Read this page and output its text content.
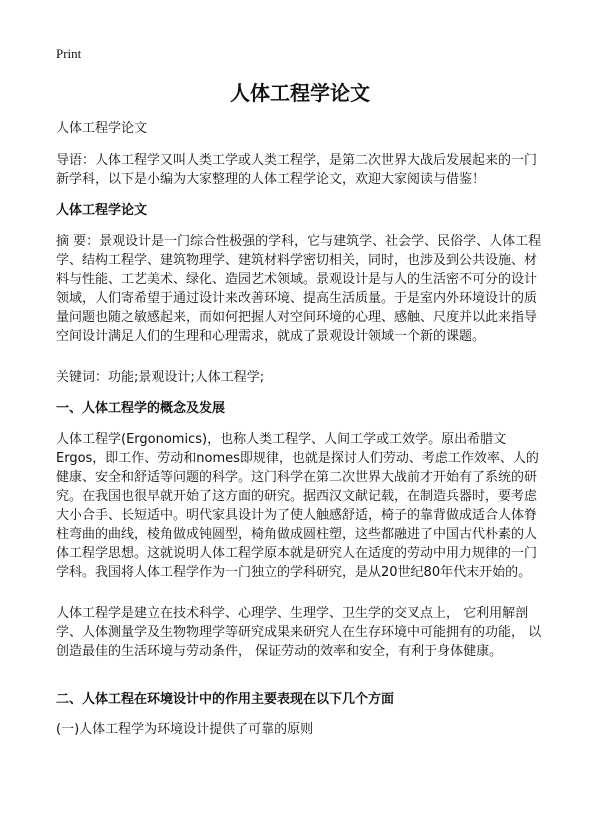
Print
人体工程学论文

人体工程学论文

导语：人体工程学又叫人类工学或人类工程学，是第二次世界大战后发展起来的一门新学科，以下是小编为大家整理的人体工程学论文，欢迎大家阅读与借鉴！

人体工程学论文

摘 要：景观设计是一门综合性极强的学科，它与建筑学、社会学、民俗学、人体工程学、结构工程学、建筑物理学、建筑材料学密切相关，同时，也涉及到公共设施、材料与性能、工艺美术、绿化、造园艺术领域。景观设计是与人的生活密不可分的设计领域，人们寄希望于通过设计来改善环境、提高生活质量。于是室内外环境设计的质量问题也随之敏感起来，而如何把握人对空间环境的心理、感触、尺度并以此来指导空间设计满足人们的生理和心理需求，就成了景观设计领域一个新的课题。

关键词：功能;景观设计;人体工程学;

一、人体工程学的概念及发展

人体工程学(Ergonomics)，也称人类工程学、人间工学或工效学。原出希腊文Ergos，即工作、劳动和nomes即规律，也就是探讨人们劳动、考虑工作效率、人的健康、安全和舒适等问题的科学。这门科学在第二次世界大战前才开始有了系统的研究。在我国也很早就开始了这方面的研究。据西汉文献记载，在制造兵器时，要考虑大小合手、长短适中。明代家具设计为了使人触感舒适，椅子的靠背做成适合人体脊柱弯曲的曲线，棱角做成钝圆型，椅角做成圆柱塑，这些都融进了中国古代朴素的人体工程学思想。这就说明人体工程学原本就是研究人在适度的劳动中用力规律的一门学科。我国将人体工程学作为一门独立的学科研究，是从20世纪80年代末开始的。

人体工程学是建立在技术科学、心理学、生理学、卫生学的交叉点上， 它利用解剖学、人体测量学及生物物理学等研究成果来研究人在生存环境中可能拥有的功能， 以创造最佳的生活环境与劳动条件， 保证劳动的效率和安全，有利于身体健康。

二、人体工程在环境设计中的作用主要表现在以下几个方面

(一)人体工程学为环境设计提供了可靠的原则
